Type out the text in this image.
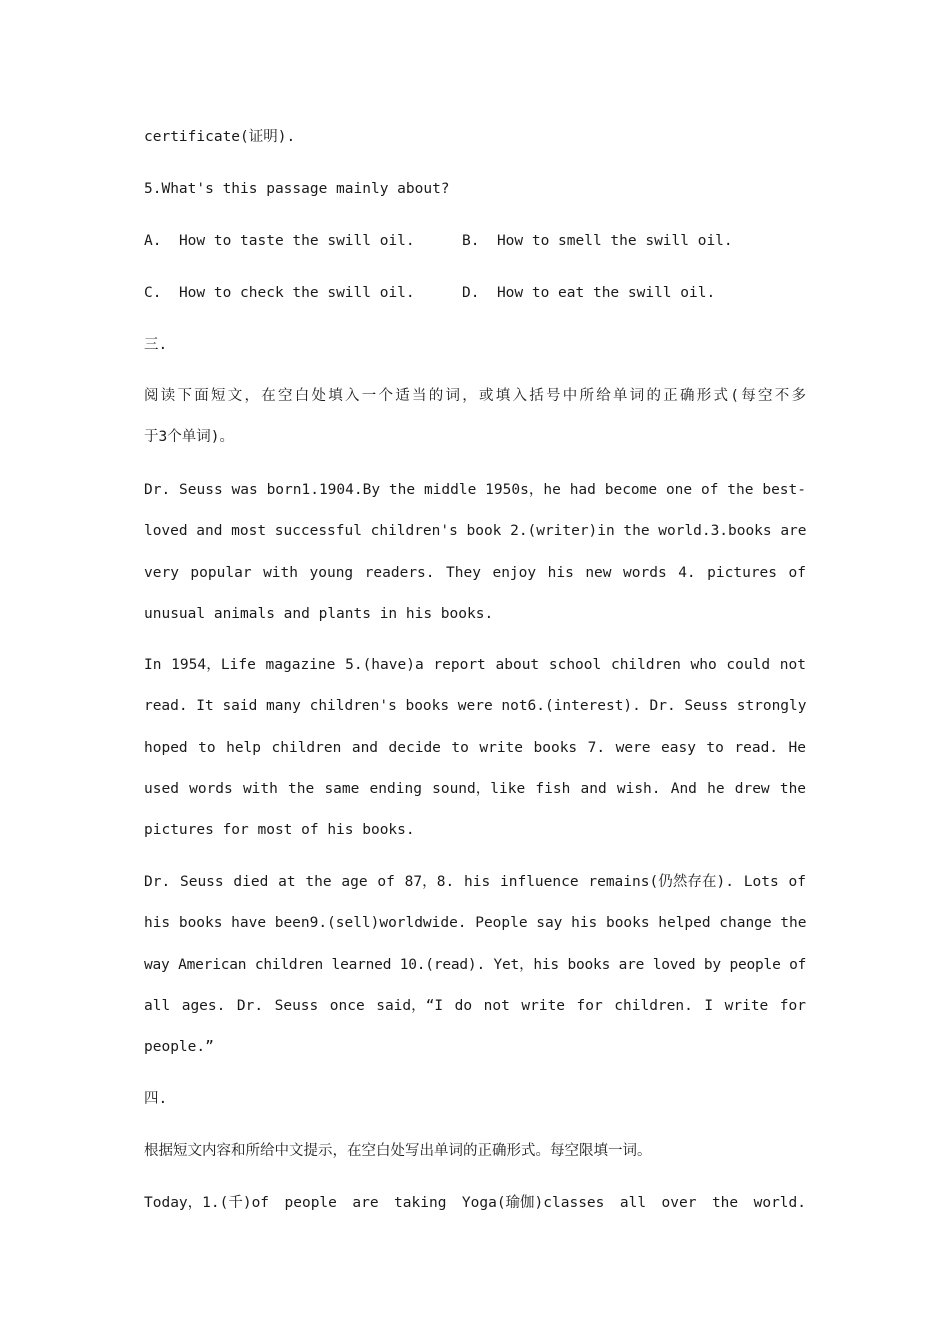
certificate(证明).
5.What's this passage mainly about?
A. How to taste the swill oil.	B. How to smell the swill oil.
C. How to check the swill oil.	D. How to eat the swill oil.
三.
阅读下面短文，在空白处填入一个适当的词，或填入括号中所给单词的正确形式(每空不多
于3个单词)。
Dr. Seuss was born1.1904.By the middle 1950s，he had become one of the best-
loved and most successful children's book 2.(writer)in the world.3.books are
very popular with young readers. They enjoy his new words 4. pictures of
unusual animals and plants in his books.
In 1954，Life magazine 5.(have)a report about school children who could not
read. It said many children's books were not6.(interest). Dr. Seuss strongly
hoped to help children and decide to write books 7. were easy to read. He
used words with the same ending sound，like fish and wish. And he drew the
pictures for most of his books.
Dr. Seuss died at the age of 87，8. his influence remains(仍然存在). Lots of
his books have been9.(sell)worldwide. People say his books helped change the
way American children learned 10.(read). Yet，his books are loved by people of
all ages. Dr. Seuss once said，“I do not write for children. I write for
people.”
四.
根据短文内容和所给中文提示，在空白处写出单词的正确形式。每空限填一词。
Today，1.(千)of people are taking Yoga(瑜伽)classes all over the world.
